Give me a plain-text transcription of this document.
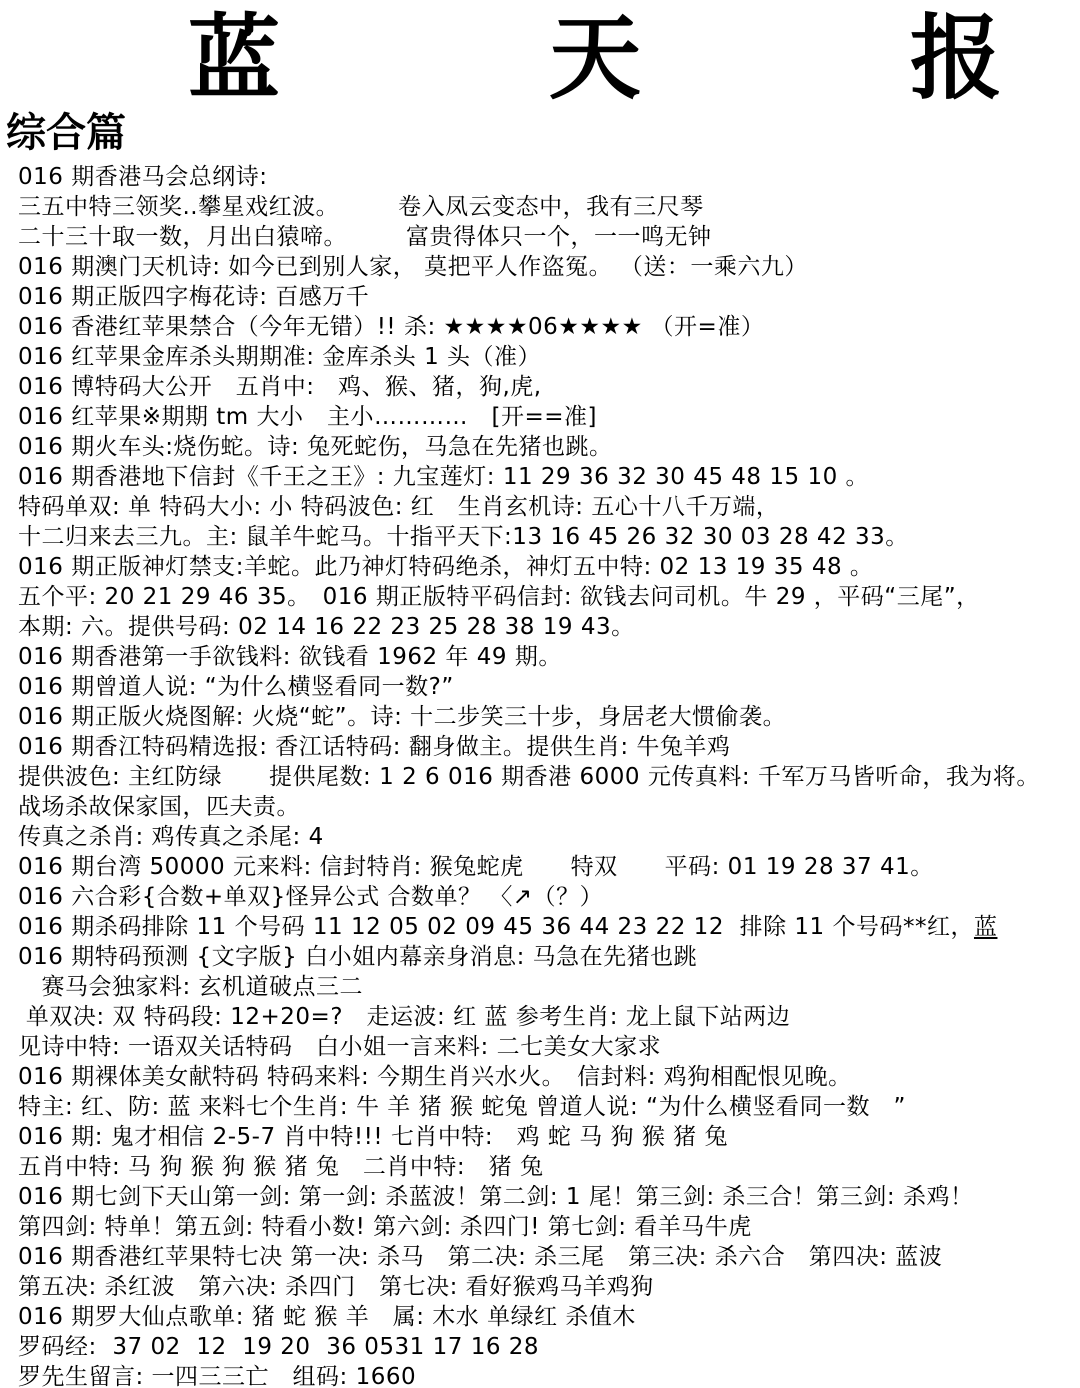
蓝	天	报
综合篇
016 期香港马会总纲诗:
三五中特三领奖..攀星戏红波。　　　卷入凤云变态中，我有三尺琴
二十三十取一数，月出白猿啼。　　　富贵得体只一个，一一鸣无钟
016 期澳门天机诗: 如今已到别人家， 莫把平人作盗冤。 （送：一乘六九）
016 期正版四字梅花诗: 百感万千
016 香港红苹果禁合（今年无错）!! 杀: ★★★★06★★★★ （开=准）
016 红苹果金库杀头期期准: 金库杀头 1 头（准）
016 博特码大公开　五肖中:　鸡、猴、猪，狗,虎,
016 红苹果※期期 tm 大小　主小…………　[开==准]
016 期火车头:烧伤蛇。诗: 兔死蛇伤，马急在先猪也跳。
016 期香港地下信封《千王之王》: 九宝莲灯: 11 29 36 32 30 45 48 15 10 。
特码单双: 单 特码大小: 小 特码波色: 红　生肖玄机诗: 五心十八千万端，
十二归来去三九。主: 鼠羊牛蛇马。十指平天下:13 16 45 26 32 30 03 28 42 33。
016 期正版神灯禁支:羊蛇。此乃神灯特码绝杀，神灯五中特: 02 13 19 35 48 。
五个平: 20 21 29 46 35。　016 期正版特平码信封: 欲钱去问司机。牛 29 ，平码“三尾”，
本期: 六。提供号码: 02 14 16 22 23 25 28 38 19 43。
016 期香港第一手欲钱料: 欲钱看 1962 年 49 期。
016 期曾道人说: “为什么横竖看同一数?”
016 期正版火烧图解: 火烧“蛇”。诗: 十二步笑三十步，身居老大惯偷袭。
016 期香江特码精选报: 香江话特码: 翻身做主。提供生肖: 牛兔羊鸡
提供波色: 主红防绿　　提供尾数: 1 2 6 016 期香港 6000 元传真料: 千军万马皆听命，我为将。
战场杀故保家国，匹夫责。
传真之杀肖: 鸡传真之杀尾: 4
016 期台湾 50000 元来料: 信封特肖: 猴兔蛇虎　　特双　　平码: 01 19 28 37 41。
016 六合彩{合数+单双}怪异公式 合数单？ 〈↗（？）
016 期杀码排除 11 个号码 11 12 05 02 09 45 36 44 23 22 12  排除 11 个号码**红，蓝
016 期特码预测 {文字版} 白小姐内幕亲身消息: 马急在先猪也跳
　赛马会独家料: 玄机道破点三二
单双决: 双 特码段: 12+20=?　走运波: 红 蓝 参考生肖: 龙上鼠下站两边
见诗中特: 一语双关话特码　白小姐一言来料: 二七美女大家求
016 期裸体美女献特码 特码来料: 今期生肖兴水火。　信封料: 鸡狗相配恨见晚。
特主: 红、防: 蓝 来料七个生肖: 牛 羊 猪 猴 蛇兔 曾道人说: “为什么横竖看同一数　”
016 期: 鬼才相信 2-5-7 肖中特!!! 七肖中特:　鸡 蛇 马 狗 猴 猪 兔
五肖中特: 马 狗 猴 狗 猴 猪 兔　二肖中特:　猪 兔
016 期七剑下天山第一剑: 第一剑: 杀蓝波！第二剑: 1 尾！第三剑: 杀三合！第三剑: 杀鸡！
第四剑: 特单！第五剑: 特看小数! 第六剑: 杀四门! 第七剑: 看羊马牛虎
016 期香港红苹果特七决 第一决: 杀马　第二决: 杀三尾　第三决: 杀六合　第四决: 蓝波
第五决: 杀红波　第六决: 杀四门　第七决: 看好猴鸡马羊鸡狗
016 期罗大仙点歌单: 猪 蛇 猴 羊　属: 木水 单绿红 杀值木
罗码经:  37 02  12  19 20  36 0531 17 16 28
罗先生留言: 一四三三亡　组码: 1660
